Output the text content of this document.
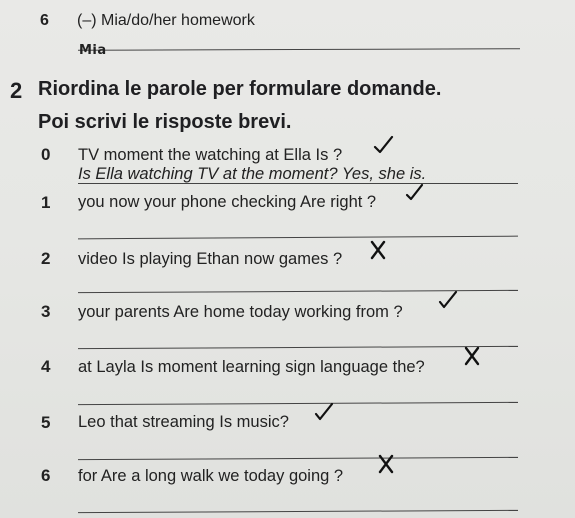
6 (–) Mia/do/her homework
Mia
2 Riordina le parole per formulare domande.
Poi scrivi le risposte brevi.
0 TV moment the watching at Ella Is ?
Is Ella watching TV at the moment? Yes, she is.
1 you now your phone checking Are right ?
2 video Is playing Ethan now games ?
3 your parents Are home today working from ?
4 at Layla Is moment learning sign language the?
5 Leo that streaming Is music?
6 for Are a long walk we today going ?
